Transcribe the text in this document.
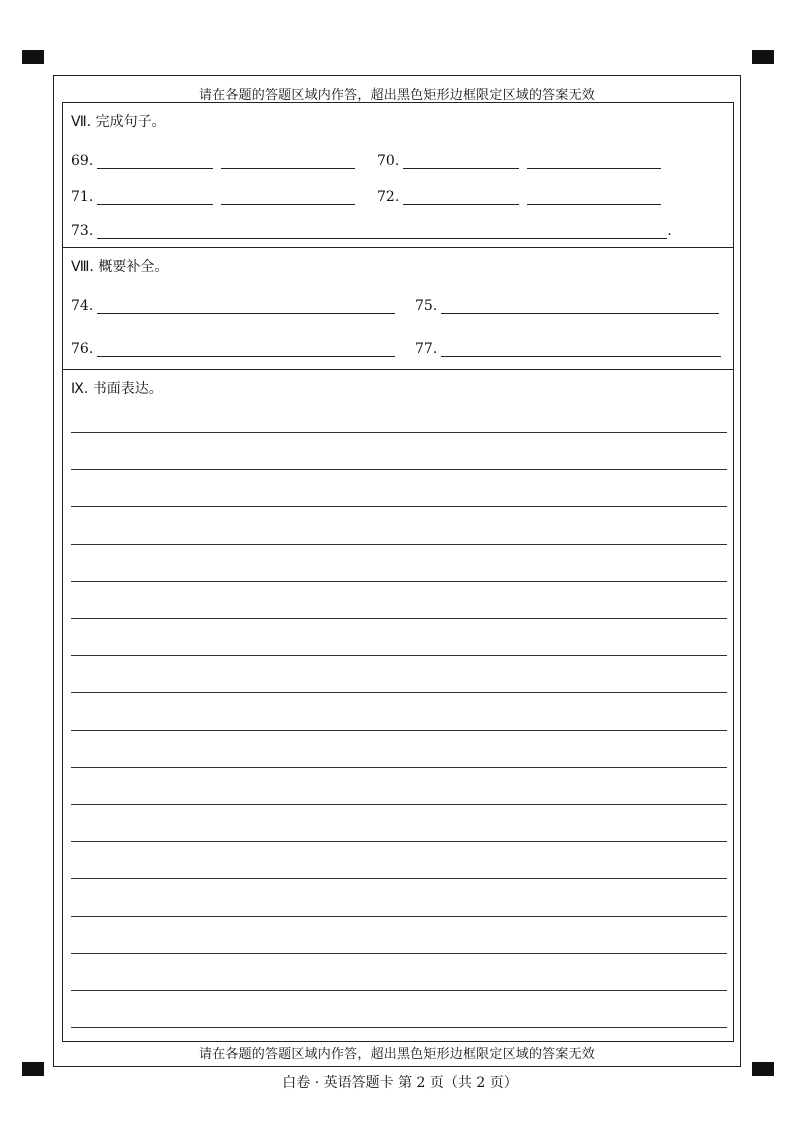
请在各题的答题区域内作答，超出黑色矩形边框限定区域的答案无效
请在各题的答题区域内作答，超出黑色矩形边框限定区域的答案无效
Ⅶ. 完成句子。
69.	70.
71.	72.
73.	.
Ⅷ. 概要补全。
74.	75.
76.	77.
Ⅸ. 书面表达。
白卷 · 英语答题卡 第 2 页（共 2 页）
